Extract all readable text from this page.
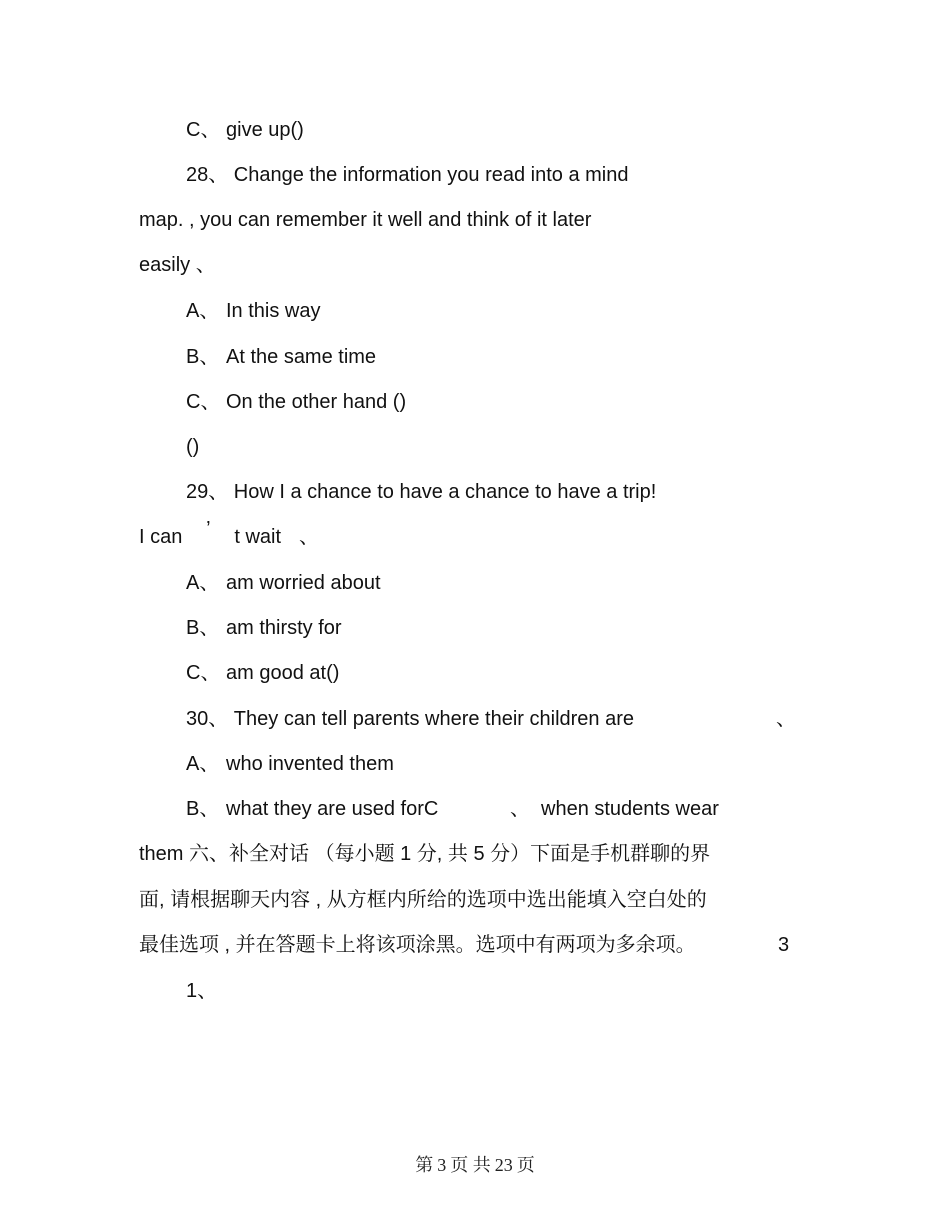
C、 give up()
28、 Change the information you read into a mind
map. , you can remember it well and think of it later
easily 、
A、 In this way
B、 At the same time
C、 On the other hand ()
()
29、 How I a chance to have a chance to have a trip!
I can ’ t wait 、
A、 am worried about
B、 am thirsty for
C、 am good at()
30、 They can tell parents where their children are	、
A、 who invented them
B、 what they are used forC	、 when students wear
them 六、补全对话 （每小题 1 分, 共 5 分）下面是手机群聊的界
面, 请根据聊天内容 , 从方框内所给的选项中选出能填入空白处的
最佳选项 , 并在答题卡上将该项涂黑。选项中有两项为多余项。	3
1、
第 3 页 共 23 页
